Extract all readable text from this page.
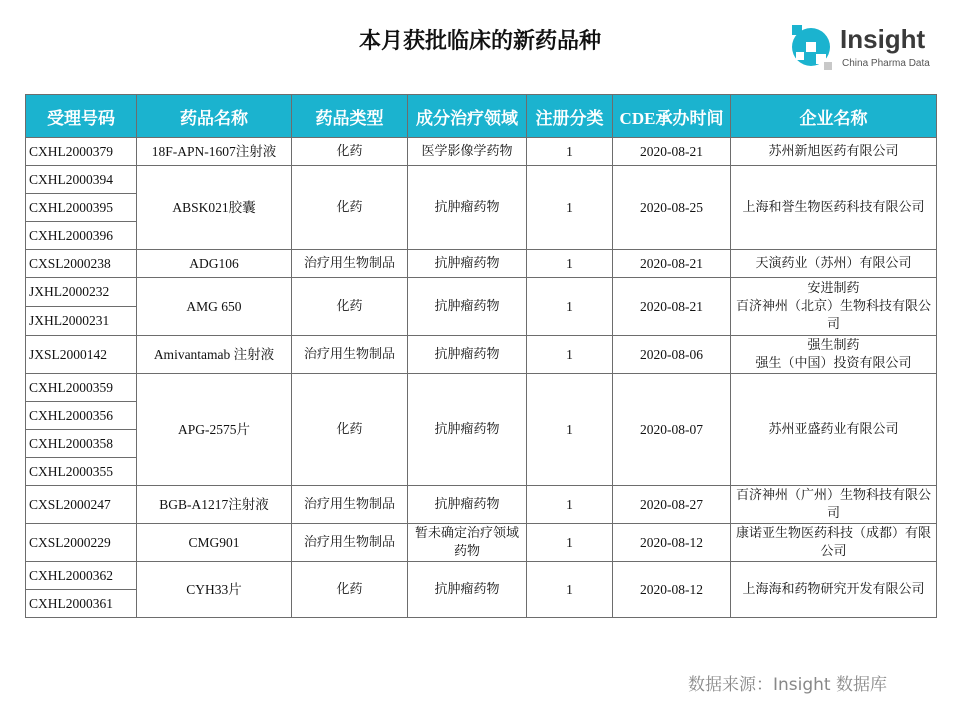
本月获批临床的新药品种	Insight
China Pharma Data
受理号码	药品名称	药品类型	成分治疗领域	注册分类	CDE承办时间	企业名称
CXHL2000379	18F-APN-1607注射液	化药	医学影像学药物	1	2020-08-21	苏州新旭医药有限公司

CXHL2000394	ABSK021胶囊	化药	抗肿瘤药物	1	2020-08-25	上海和誉生物医药科技有限公司

CXHL2000395						
CXHL2000396						
CXSL2000238	ADG106	治疗用生物制品	抗肿瘤药物	1	2020-08-21	天演药业（苏州）有限公司

JXHL2000232	AMG 650	化药	抗肿瘤药物	1	2020-08-21	安进制药
百济神州（北京）生物科技有限公司

JXHL2000231						
JXSL2000142	Amivantamab 注射液	治疗用生物制品	抗肿瘤药物	1	2020-08-06	强生制药
强生（中国）投资有限公司

CXHL2000359	APG-2575片	化药	抗肿瘤药物	1	2020-08-07	苏州亚盛药业有限公司

CXHL2000356						
CXHL2000358						
CXHL2000355						
CXSL2000247	BGB-A1217注射液	治疗用生物制品	抗肿瘤药物	1	2020-08-27	百济神州（广州）生物科技有限公司

CXSL2000229	CMG901	治疗用生物制品	暂未确定治疗领域药物	1	2020-08-12	康诺亚生物医药科技（成都）有限公司

CXHL2000362	CYH33片	化药	抗肿瘤药物	1	2020-08-12	上海海和药物研究开发有限公司

CXHL2000361						
数据来源：Insight 数据库
